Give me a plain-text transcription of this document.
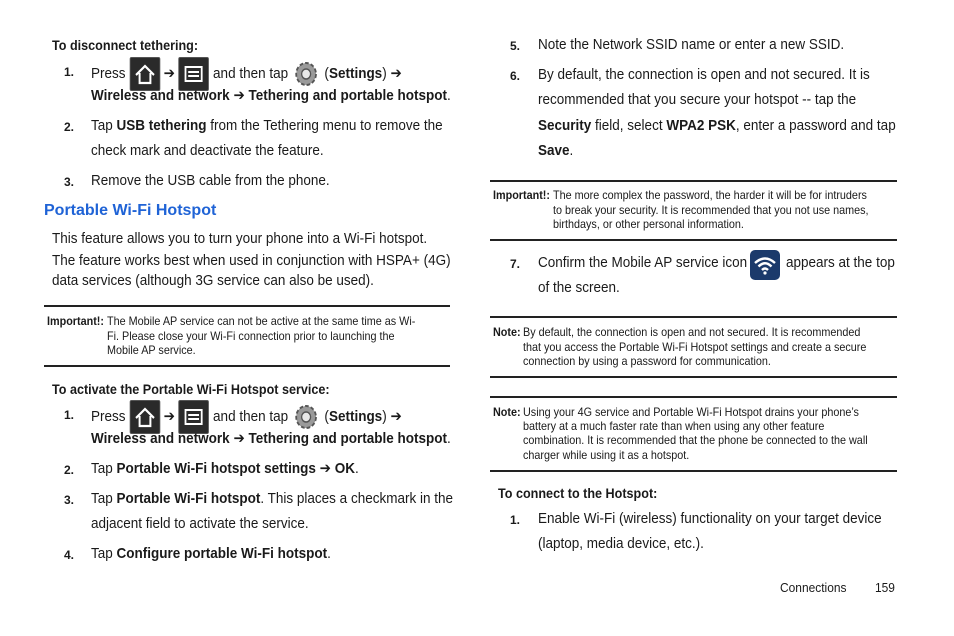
To disconnect tethering:
1. Press	➔	and then tap  (Settings) ➔
Wireless and network ➔ Tethering and portable hotspot.
2. Tap USB tethering from the Tethering menu to remove the
check mark and deactivate the feature.
3. Remove the USB cable from the phone.
Portable Wi-Fi Hotspot
This feature allows you to turn your phone into a Wi-Fi hotspot.
The feature works best when used in conjunction with HSPA+ (4G)
data services (although 3G service can also be used).
Important!: The Mobile AP service can not be active at the same time as Wi-
Fi. Please close your Wi-Fi connection prior to launching the
Mobile AP service.
To activate the Portable Wi-Fi Hotspot service:
1. Press	➔	and then tap  (Settings) ➔
Wireless and network ➔ Tethering and portable hotspot.
2. Tap Portable Wi-Fi hotspot settings ➔ OK.
3. Tap Portable Wi-Fi hotspot. This places a checkmark in the
adjacent field to activate the service.
4. Tap Configure portable Wi-Fi hotspot.
5. Note the Network SSID name or enter a new SSID.
6. By default, the connection is open and not secured. It is
recommended that you secure your hotspot -- tap the
Security field, select WPA2 PSK, enter a password and tap
Save.
Important!: The more complex the password, the harder it will be for intruders
to break your security. It is recommended that you not use names,
birthdays, or other personal information.
7. Confirm the Mobile AP service icon	appears at the top
of the screen.
Note: By default, the connection is open and not secured. It is recommended
that you access the Portable Wi-Fi Hotspot settings and create a secure
connection by using a password for communication.
Note: Using your 4G service and Portable Wi-Fi Hotspot drains your phone’s
battery at a much faster rate than when using any other feature
combination. It is recommended that the phone be connected to the wall
charger while using it as a hotspot.
To connect to the Hotspot:
1. Enable Wi-Fi (wireless) functionality on your target device
(laptop, media device, etc.).
Connections 159
